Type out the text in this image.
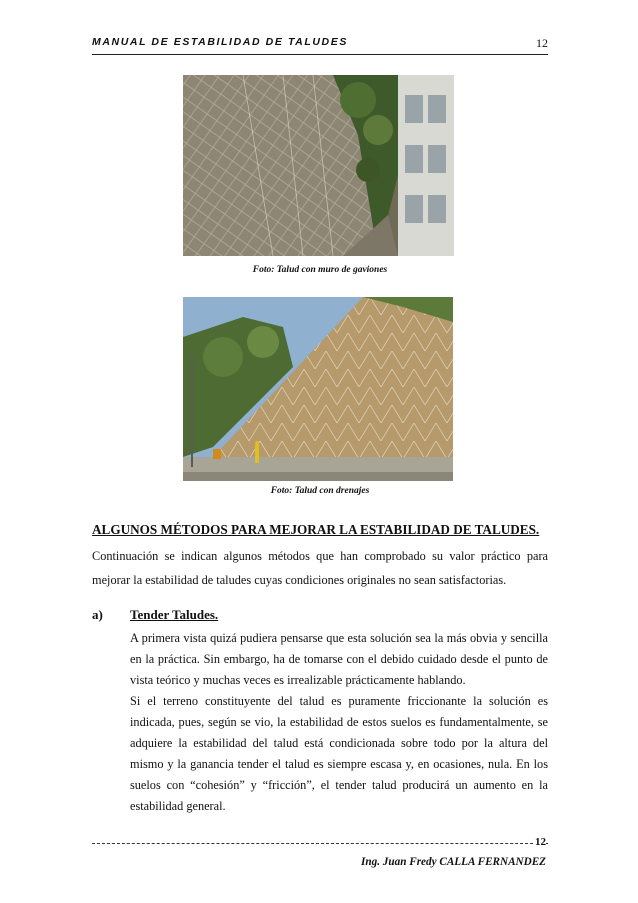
MANUAL DE ESTABILIDAD DE TALUDES	12
Foto: Talud con muro de gaviones
Foto: Talud con drenajes
ALGUNOS MÉTODOS PARA MEJORAR LA ESTABILIDAD DE TALUDES.

Continuación se indican algunos métodos que han comprobado su valor práctico para mejorar la estabilidad de taludes cuyas condiciones originales no sean satisfactorias.

a) Tender Taludes.

A primera vista quizá pudiera pensarse que esta solución sea la más obvia y sencilla en la práctica. Sin embargo, ha de tomarse con el debido cuidado desde el punto de vista teórico y muchas veces es irrealizable prácticamente hablando.

Si el terreno constituyente del talud es puramente friccionante la solución es indicada, pues, según se vio, la estabilidad de estos suelos es fundamentalmente, se adquiere la estabilidad del talud está condicionada sobre todo por la altura del mismo y la ganancia tender el talud es siempre escasa y, en ocasiones, nula. En los suelos con “cohesión” y “fricción”, el tender talud producirá un aumento en la estabilidad general.

12
Ing. Juan Fredy CALLA FERNANDEZ
